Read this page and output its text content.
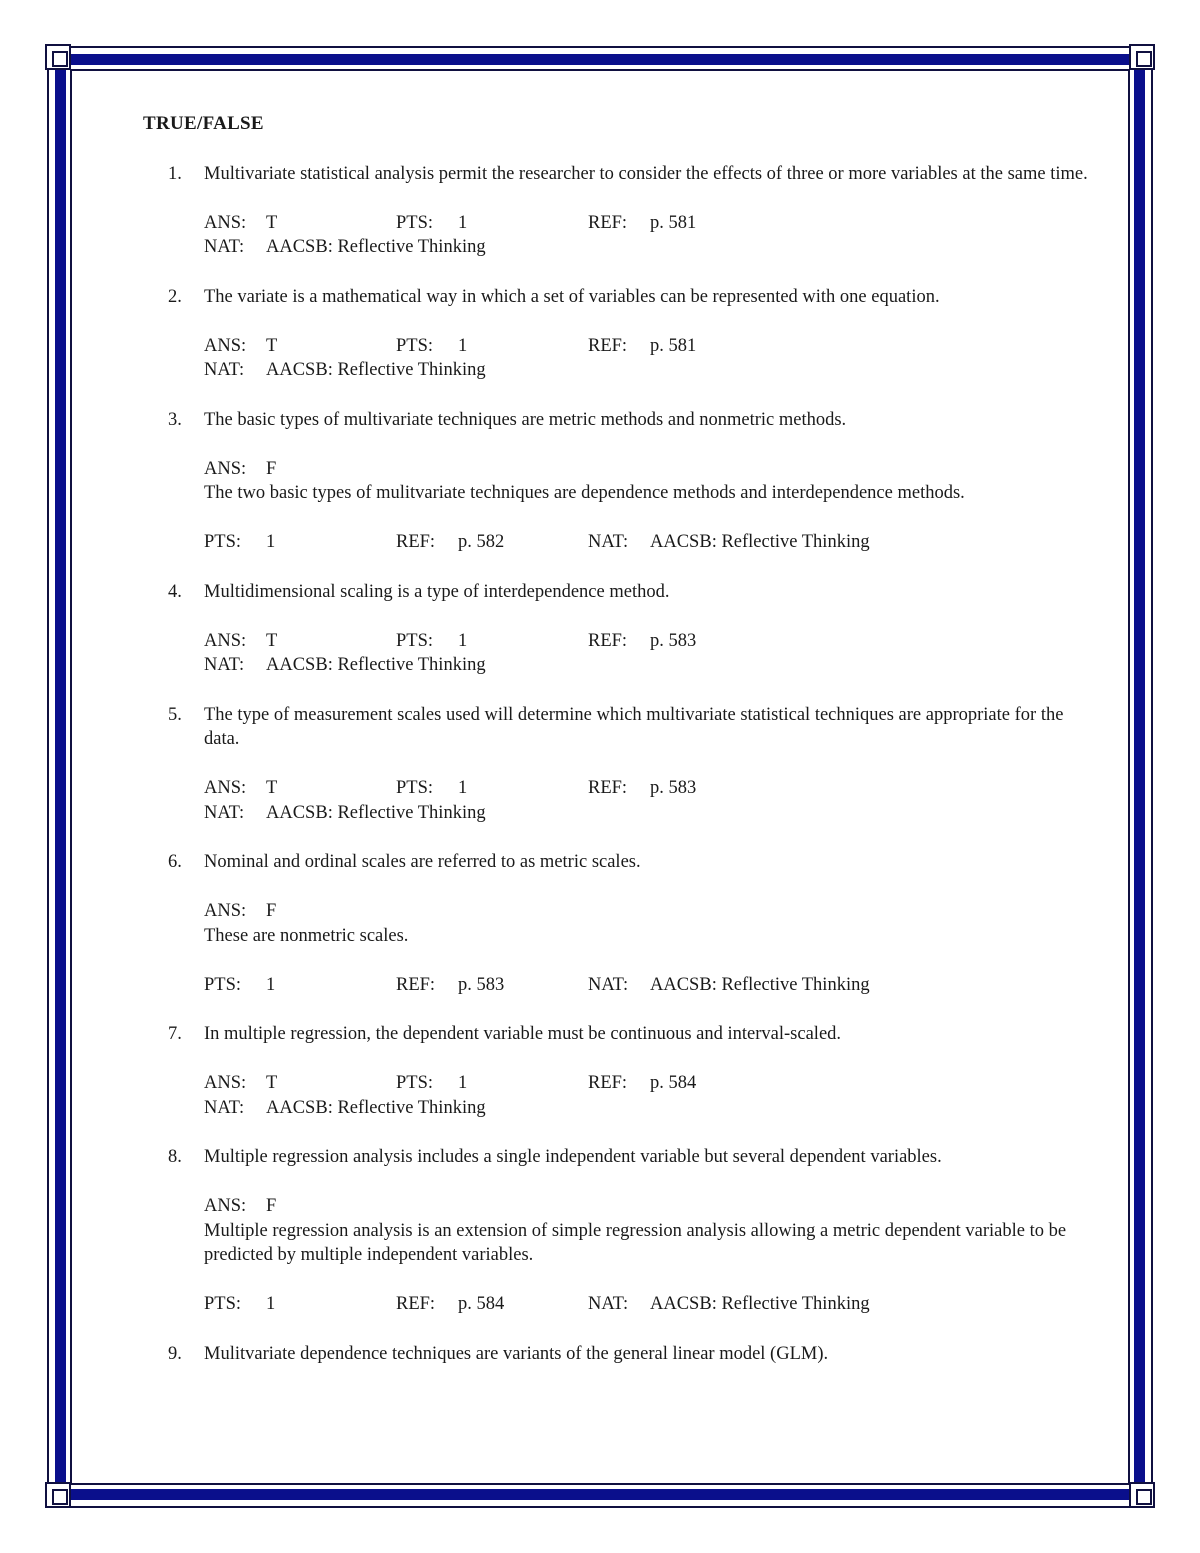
TRUE/FALSE
1.	Multivariate statistical analysis permit the researcher to consider the effects of three or more variables at the same time.
ANS:	T	PTS:	1	REF:	p. 581
NAT:	AACSB: Reflective Thinking
2.	The variate is a mathematical way in which a set of variables can be represented with one equation.
ANS:	T	PTS:	1	REF:	p. 581
NAT:	AACSB: Reflective Thinking
3.	The basic types of multivariate techniques are metric methods and nonmetric methods.
ANS:	F
The two basic types of mulitvariate techniques are dependence methods and interdependence methods.
PTS:	1	REF:	p. 582	NAT:	AACSB: Reflective Thinking
4.	Multidimensional scaling is a type of interdependence method.
ANS:	T	PTS:	1	REF:	p. 583
NAT:	AACSB: Reflective Thinking
5.	The type of measurement scales used will determine which multivariate statistical techniques are appropriate for the data.
ANS:	T	PTS:	1	REF:	p. 583
NAT:	AACSB: Reflective Thinking
6.	Nominal and ordinal scales are referred to as metric scales.
ANS:	F
These are nonmetric scales.
PTS:	1	REF:	p. 583	NAT:	AACSB: Reflective Thinking
7.	In multiple regression, the dependent variable must be continuous and interval-scaled.
ANS:	T	PTS:	1	REF:	p. 584
NAT:	AACSB: Reflective Thinking
8.	Multiple regression analysis includes a single independent variable but several dependent variables.
ANS:	F
Multiple regression analysis is an extension of simple regression analysis allowing a metric dependent variable to be predicted by multiple independent variables.
PTS:	1	REF:	p. 584	NAT:	AACSB: Reflective Thinking
9.	Mulitvariate dependence techniques are variants of the general linear model (GLM).
